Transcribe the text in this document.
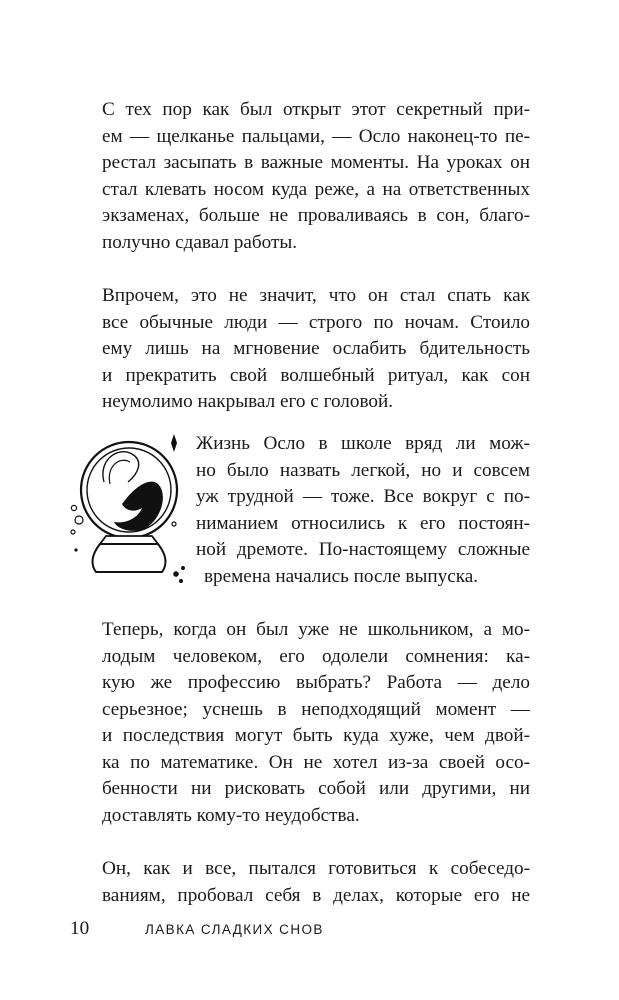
С тех пор как был открыт этот секретный при-
ем — щелканье пальцами, — Осло наконец-то пе-
рестал засыпать в важные моменты. На уроках он
стал клевать носом куда реже, а на ответственных
экзаменах, больше не проваливаясь в сон, благо-
получно сдавал работы.
Впрочем, это не значит, что он стал спать как
все обычные люди — строго по ночам. Стоило
ему лишь на мгновение ослабить бдительность
и прекратить свой волшебный ритуал, как сон
неумолимо накрывал его с головой.
Жизнь Осло в школе вряд ли мож-
но было назвать легкой, но и совсем
уж трудной — тоже. Все вокруг с по-
ниманием относились к его постоян-
ной дремоте. По-настоящему сложные
времена начались после выпуска.
Теперь, когда он был уже не школьником, а мо-
лодым человеком, его одолели сомнения: ка-
кую же профессию выбрать? Работа — дело
серьезное; уснешь в неподходящий момент —
и последствия могут быть куда хуже, чем двой-
ка по математике. Он не хотел из-за своей осо-
бенности ни рисковать собой или другими, ни
доставлять кому-то неудобства.
Он, как и все, пытался готовиться к собеседо-
ваниям, пробовал себя в делах, которые его не
10	ЛАВКА СЛАДКИХ СНОВ
